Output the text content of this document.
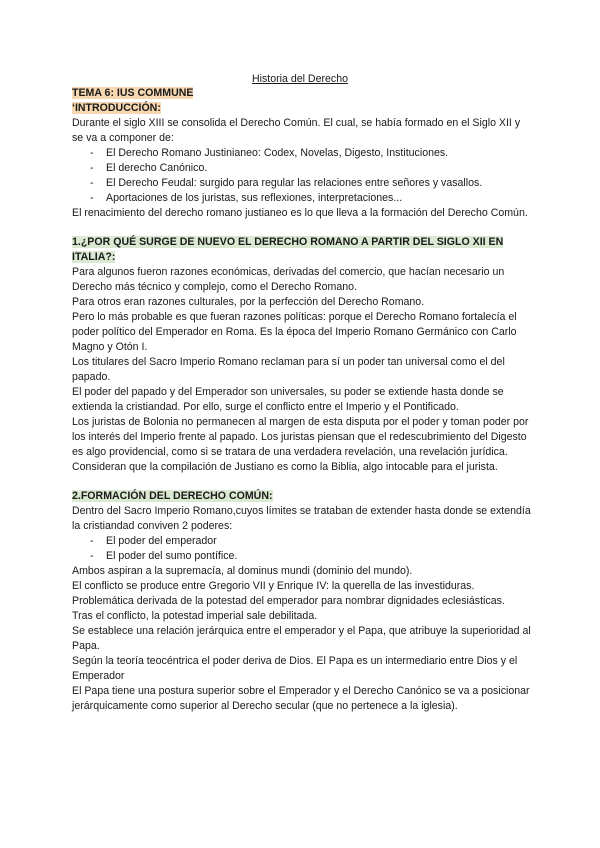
Historia del Derecho

TEMA 6: IUS COMMUNE

‘INTRODUCCIÓN:

Durante el siglo XIII se consolida el Derecho Común. El cual, se había formado en el Siglo XII y se va a componer de:

- El Derecho Romano Justinianeo: Codex, Novelas, Digesto, Instituciones.
- El derecho Canónico.
- El Derecho Feudal: surgido para regular las relaciones entre señores y vasallos.
- Aportaciones de los juristas, sus reflexiones, interpretaciones...

El renacimiento del derecho romano justianeo es lo que lleva a la formación del Derecho Común.

1.¿POR QUÉ SURGE DE NUEVO EL DERECHO ROMANO A PARTIR DEL SIGLO XII EN ITALIA?:

Para algunos fueron razones económicas, derivadas del comercio, que hacían necesario un Derecho más técnico y complejo, como el Derecho Romano.

Para otros eran razones culturales, por la perfección del Derecho Romano.

Pero lo más probable es que fueran razones políticas: porque el Derecho Romano fortalecía el poder político del Emperador en Roma. Es la época del Imperio Romano Germánico con Carlo Magno y Otón I.

Los titulares del Sacro Imperio Romano reclaman para sí un poder tan universal como el del papado.

El poder del papado y del Emperador son universales, su poder se extiende hasta donde se extienda la cristiandad. Por ello, surge el conflicto entre el Imperio y el Pontificado.

Los juristas de Bolonia no permanecen al margen de esta disputa por el poder y toman poder por los interés del Imperio frente al papado. Los juristas piensan que el redescubrimiento del Digesto es algo providencial, como si se tratara de una verdadera revelación, una revelación jurídica. Consideran que la compilación de Justiano es como la Biblia, algo intocable para el jurista.

2.FORMACIÓN DEL DERECHO COMÚN:

Dentro del Sacro Imperio Romano,cuyos límites se trataban de extender hasta donde se extendía la cristiandad conviven 2 poderes:

- El poder del emperador
- El poder del sumo pontífice.

Ambos aspiran a la supremacía, al dominus mundi (dominio del mundo).

El conflicto se produce entre Gregorio VII y Enrique IV: la querella de las investiduras.

Problemática derivada de la potestad del emperador para nombrar dignidades eclesiásticas.

Tras el conflicto, la potestad imperial sale debilitada.

Se establece una relación jerárquica entre el emperador y el Papa, que atribuye la superioridad al Papa.

Según la teoría teocéntrica el poder deriva de Dios. El Papa es un intermediario entre Dios y el Emperador

El Papa tiene una postura superior sobre el Emperador y el Derecho Canónico se va a posicionar jerárquicamente como superior al Derecho secular (que no pertenece a la iglesia).
